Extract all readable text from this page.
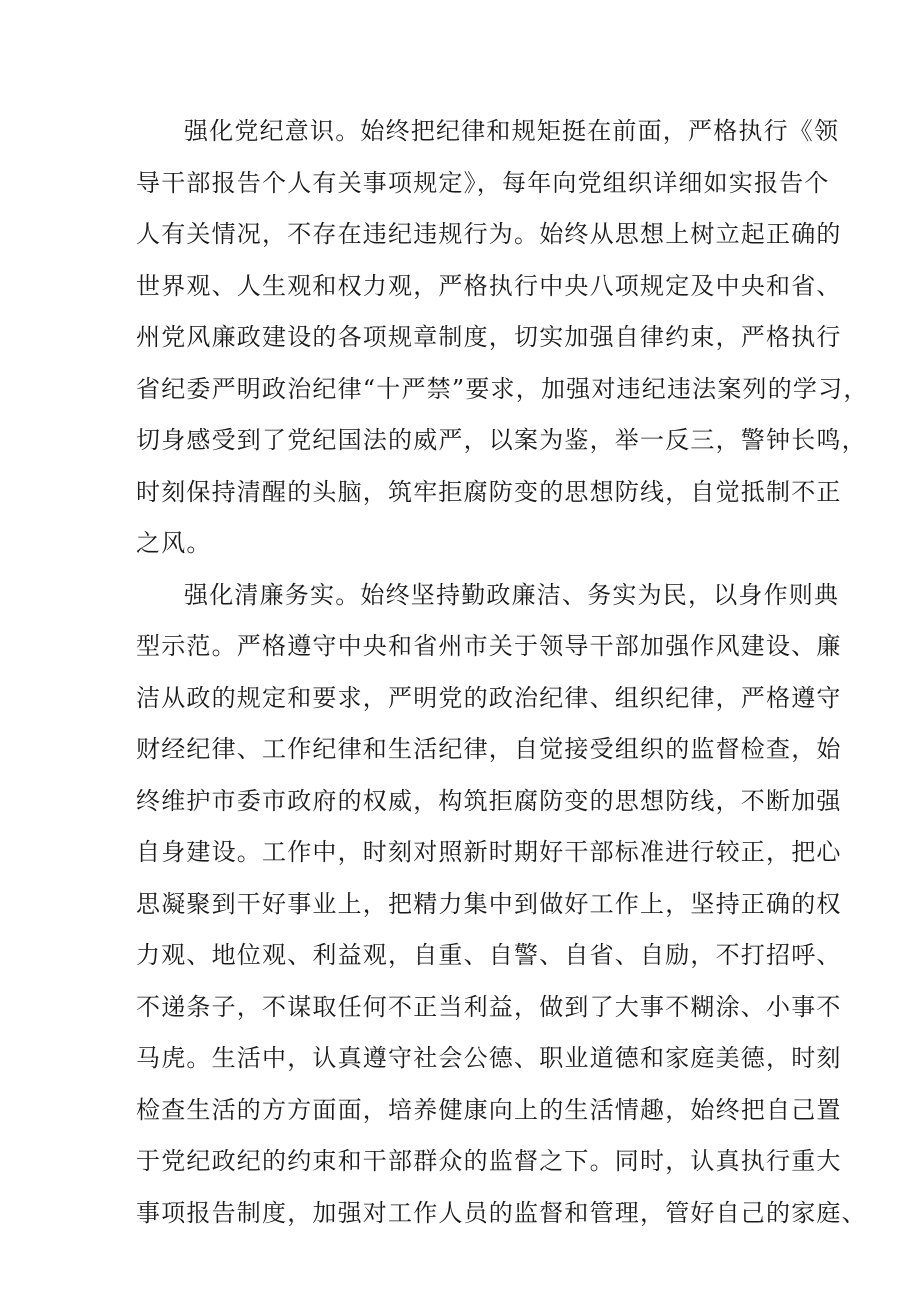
强化党纪意识。始终把纪律和规矩挺在前面，严格执行《领
导干部报告个人有关事项规定》，每年向党组织详细如实报告个
人有关情况，不存在违纪违规行为。始终从思想上树立起正确的
世界观、人生观和权力观，严格执行中央八项规定及中央和省、
州党风廉政建设的各项规章制度，切实加强自律约束，严格执行
省纪委严明政治纪律“十严禁”要求，加强对违纪违法案列的学习，
切身感受到了党纪国法的威严，以案为鉴，举一反三，警钟长鸣，
时刻保持清醒的头脑，筑牢拒腐防变的思想防线，自觉抵制不正
之风。

强化清廉务实。始终坚持勤政廉洁、务实为民，以身作则典
型示范。严格遵守中央和省州市关于领导干部加强作风建设、廉
洁从政的规定和要求，严明党的政治纪律、组织纪律，严格遵守
财经纪律、工作纪律和生活纪律，自觉接受组织的监督检查，始
终维护市委市政府的权威，构筑拒腐防变的思想防线，不断加强
自身建设。工作中，时刻对照新时期好干部标准进行较正，把心
思凝聚到干好事业上，把精力集中到做好工作上，坚持正确的权
力观、地位观、利益观，自重、自警、自省、自励，不打招呼、
不递条子，不谋取任何不正当利益，做到了大事不糊涂、小事不
马虎。生活中，认真遵守社会公德、职业道德和家庭美德，时刻
检查生活的方方面面，培养健康向上的生活情趣，始终把自己置
于党纪政纪的约束和干部群众的监督之下。同时，认真执行重大
事项报告制度，加强对工作人员的监督和管理，管好自己的家庭、
